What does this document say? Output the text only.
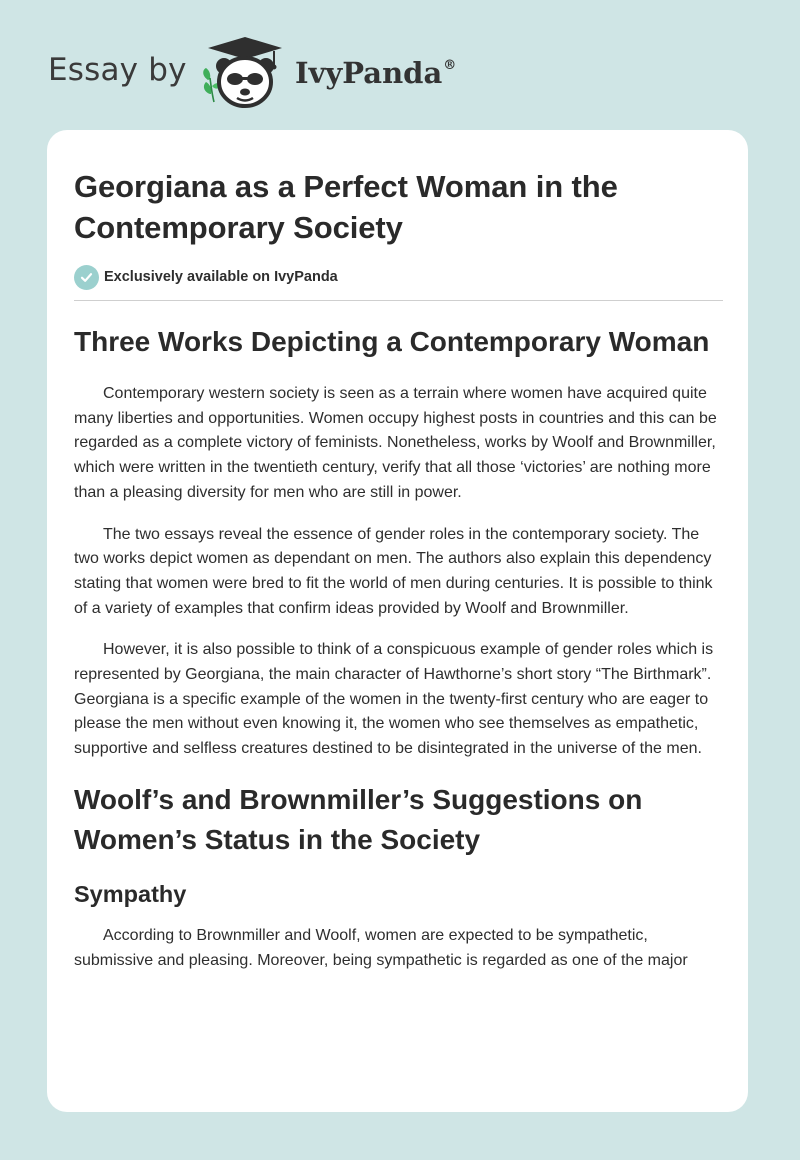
Essay by	IvyPanda®
Georgiana as a Perfect Woman in the Contemporary Society
Exclusively available on IvyPanda
Three Works Depicting a Contemporary Woman

Contemporary western society is seen as a terrain where women have acquired quite many liberties and opportunities. Women occupy highest posts in countries and this can be regarded as a complete victory of feminists. Nonetheless, works by Woolf and Brownmiller, which were written in the twentieth century, verify that all those ‘victories’ are nothing more than a pleasing diversity for men who are still in power.

The two essays reveal the essence of gender roles in the contemporary society. The two works depict women as dependant on men. The authors also explain this dependency stating that women were bred to fit the world of men during centuries. It is possible to think of a variety of examples that confirm ideas provided by Woolf and Brownmiller.

However, it is also possible to think of a conspicuous example of gender roles which is represented by Georgiana, the main character of Hawthorne’s short story “The Birthmark”. Georgiana is a specific example of the women in the twenty-first century who are eager to please the men without even knowing it, the women who see themselves as empathetic, supportive and selfless creatures destined to be disintegrated in the universe of the men.

Woolf’s and Brownmiller’s Suggestions on Women’s Status in the Society
Sympathy

According to Brownmiller and Woolf, women are expected to be sympathetic, submissive and pleasing. Moreover, being sympathetic is regarded as one of the major
